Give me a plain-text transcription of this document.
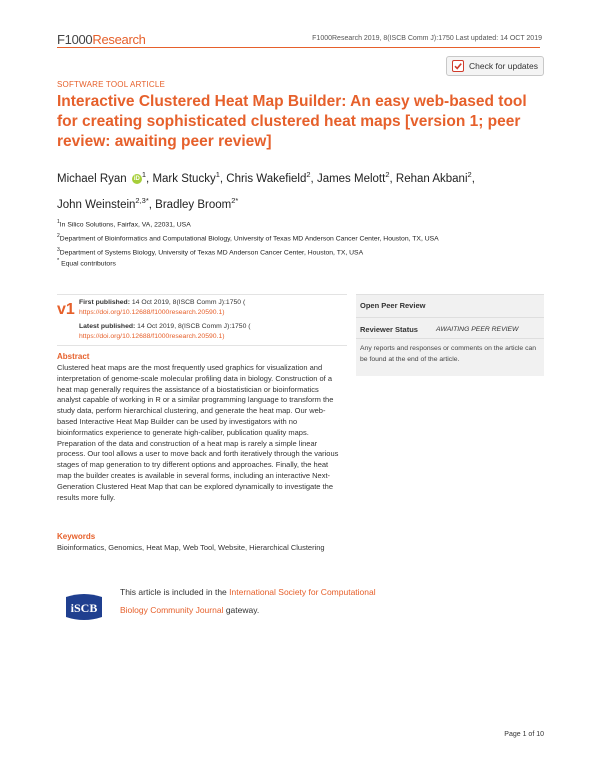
F1000Research	F1000Research 2019, 8(ISCB Comm J):1750 Last updated: 14 OCT 2019
Check for updates
SOFTWARE TOOL ARTICLE
Interactive Clustered Heat Map Builder: An easy web-based tool for creating sophisticated clustered heat maps [version 1; peer review: awaiting peer review]
Michael Ryan iD $^1$, Mark Stucky$^1$, Chris Wakefield$^2$, James Melott$^2$, Rehan Akbani$^2$,
John Weinstein$^{2,3*}$, Bradley Broom$^{2*}$
$^1$In Silico Solutions, Fairfax, VA, 22031, USA
$^2$Department of Bioinformatics and Computational Biology, University of Texas MD Anderson Cancer Center, Houston, TX, USA
$^3$Department of Systems Biology, University of Texas MD Anderson Cancer Center, Houston, TX, USA
* Equal contributors
v1 First published: 14 Oct 2019, 8(ISCB Comm J):1750 (
https://doi.org/10.12688/f1000research.20590.1)
Latest published: 14 Oct 2019, 8(ISCB Comm J):1750 (
https://doi.org/10.12688/f1000research.20590.1)
Abstract
Clustered heat maps are the most frequently used graphics for visualization and interpretation of genome-scale molecular profiling data in biology. Construction of a heat map generally requires the assistance of a biostatistician or bioinformatics analyst capable of working in R or a similar programming language to transform the study data, perform hierarchical clustering, and generate the heat map. Our web-based Interactive Heat Map Builder can be used by investigators with no bioinformatics experience to generate high-caliber, publication quality maps. Preparation of the data and construction of a heat map is rarely a simple linear process. Our tool allows a user to move back and forth iteratively through the various stages of map generation to try different options and approaches. Finally, the heat map the builder creates is available in several forms, including an interactive Next-Generation Clustered Heat Map that can be explored dynamically to investigate the results more fully.
Keywords
Bioinformatics, Genomics, Heat Map, Web Tool, Website, Hierarchical Clustering
Open Peer Review
Reviewer Status	AWAITING PEER REVIEW
Any reports and responses or comments on the article can be found at the end of the article.
iSCB
This article is included in the International Society for Computational Biology Community Journal gateway.
Page 1 of 10
